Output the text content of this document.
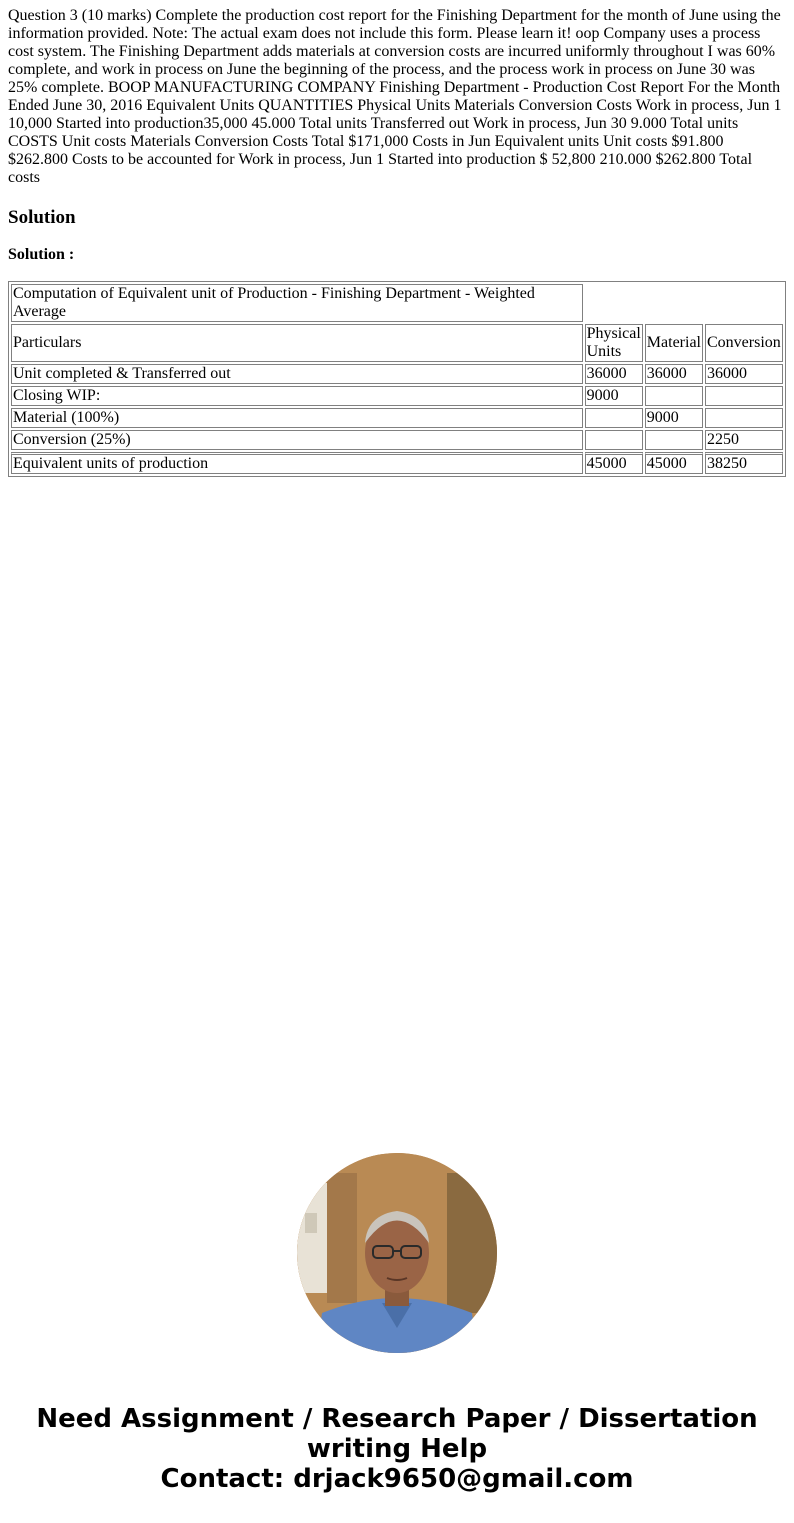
Question 3 (10 marks) Complete the production cost report for the Finishing Department for the month of June using the information provided. Note: The actual exam does not include this form. Please learn it! oop Company uses a process cost system. The Finishing Department adds materials at conversion costs are incurred uniformly throughout I was 60% complete, and work in process on June the beginning of the process, and the process work in process on June 30 was 25% complete. BOOP MANUFACTURING COMPANY Finishing Department - Production Cost Report For the Month Ended June 30, 2016 Equivalent Units QUANTITIES Physical Units Materials Conversion Costs Work in process, Jun 1 10,000 Started into production35,000 45.000 Total units Transferred out Work in process, Jun 30 9.000 Total units COSTS Unit costs Materials Conversion Costs Total $171,000 Costs in Jun Equivalent units Unit costs $91.800 $262.800 Costs to be accounted for Work in process, Jun 1 Started into production $ 52,800 210.000 $262.800 Total costs

Solution

Solution :

Computation of Equivalent unit of Production - Finishing Department - Weighted Average			
Particulars	Physical Units	Material	Conversion
Unit completed & Transferred out	36000	36000	36000
Closing WIP:	9000		
Material (100%)		9000	
Conversion (25%)			2250
Equivalent units of production	45000	45000	38250
Need Assignment / Research Paper / Dissertation
writing Help
Contact: drjack9650@gmail.com
